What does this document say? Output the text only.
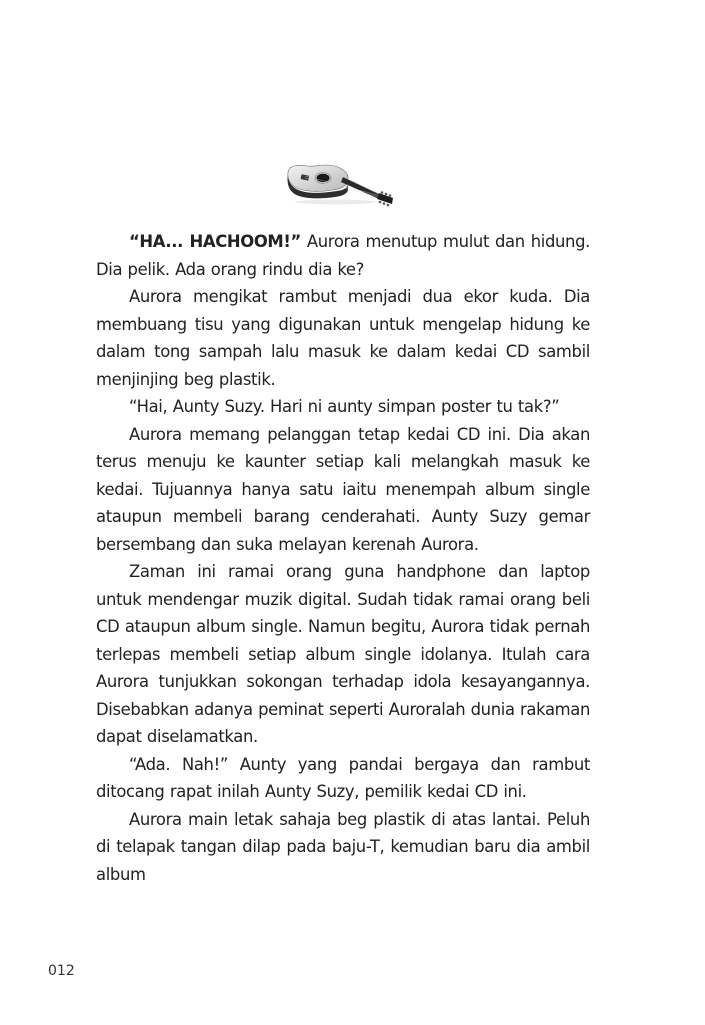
“HA... HACHOOM!” Aurora menutup mulut dan hidung. Dia pelik. Ada orang rindu dia ke?

Aurora mengikat rambut menjadi dua ekor kuda. Dia membuang tisu yang digunakan untuk mengelap hidung ke dalam tong sampah lalu masuk ke dalam kedai CD sambil menjinjing beg plastik.

“Hai, Aunty Suzy. Hari ni aunty simpan poster tu tak?”

Aurora memang pelanggan tetap kedai CD ini. Dia akan terus menuju ke kaunter setiap kali melangkah masuk ke kedai. Tujuannya hanya satu iaitu menempah album single ataupun membeli barang cenderahati. Aunty Suzy gemar bersembang dan suka melayan kerenah Aurora.

Zaman ini ramai orang guna handphone dan laptop untuk mendengar muzik digital. Sudah tidak ramai orang beli CD ataupun album single. Namun begitu, Aurora tidak pernah terlepas membeli setiap album single idolanya. Itulah cara Aurora tunjukkan sokongan terhadap idola kesayangannya. Disebabkan adanya peminat seperti Auroralah dunia rakaman dapat diselamatkan.

“Ada. Nah!” Aunty yang pandai bergaya dan rambut ditocang rapat inilah Aunty Suzy, pemilik kedai CD ini.

Aurora main letak sahaja beg plastik di atas lantai. Peluh di telapak tangan dilap pada baju-T, kemudian baru dia ambil album

012
